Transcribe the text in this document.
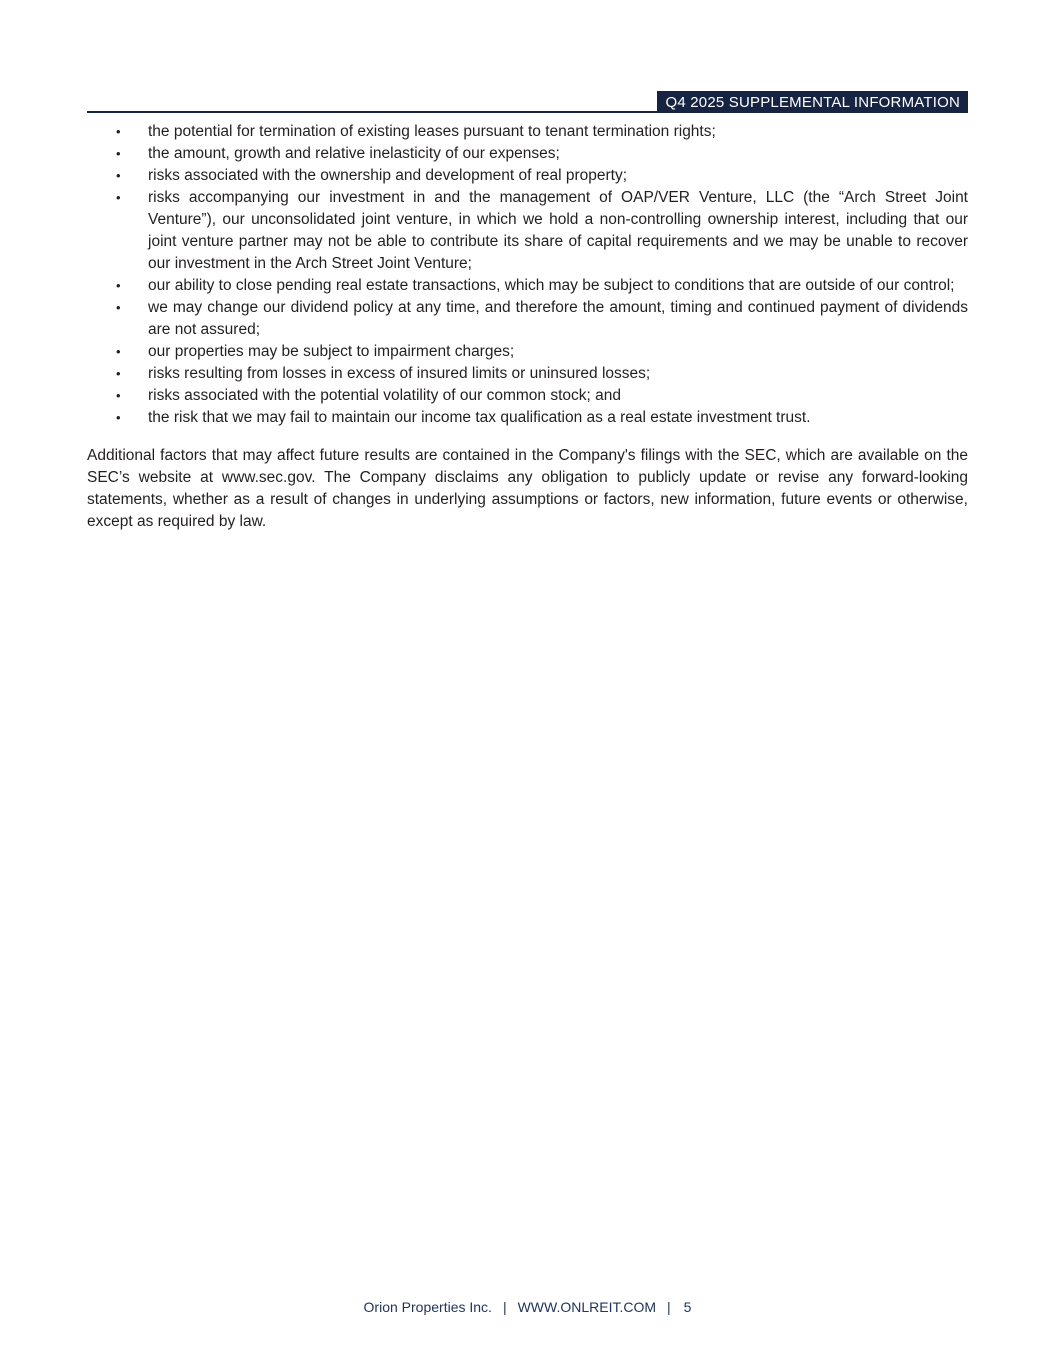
Q4 2025 SUPPLEMENTAL INFORMATION
• the potential for termination of existing leases pursuant to tenant termination rights;
• the amount, growth and relative inelasticity of our expenses;
• risks associated with the ownership and development of real property;
• risks accompanying our investment in and the management of OAP/VER Venture, LLC (the “Arch Street Joint Venture”), our unconsolidated joint venture, in which we hold a non-controlling ownership interest, including that our joint venture partner may not be able to contribute its share of capital requirements and we may be unable to recover our investment in the Arch Street Joint Venture;
• our ability to close pending real estate transactions, which may be subject to conditions that are outside of our control;
• we may change our dividend policy at any time, and therefore the amount, timing and continued payment of dividends are not assured;
• our properties may be subject to impairment charges;
• risks resulting from losses in excess of insured limits or uninsured losses;
• risks associated with the potential volatility of our common stock; and
• the risk that we may fail to maintain our income tax qualification as a real estate investment trust.

Additional factors that may affect future results are contained in the Company's filings with the SEC, which are available on the SEC’s website at www.sec.gov. The Company disclaims any obligation to publicly update or revise any forward-looking statements, whether as a result of changes in underlying assumptions or factors, new information, future events or otherwise, except as required by law.

Orion Properties Inc. | WWW.ONLREIT.COM | 5
